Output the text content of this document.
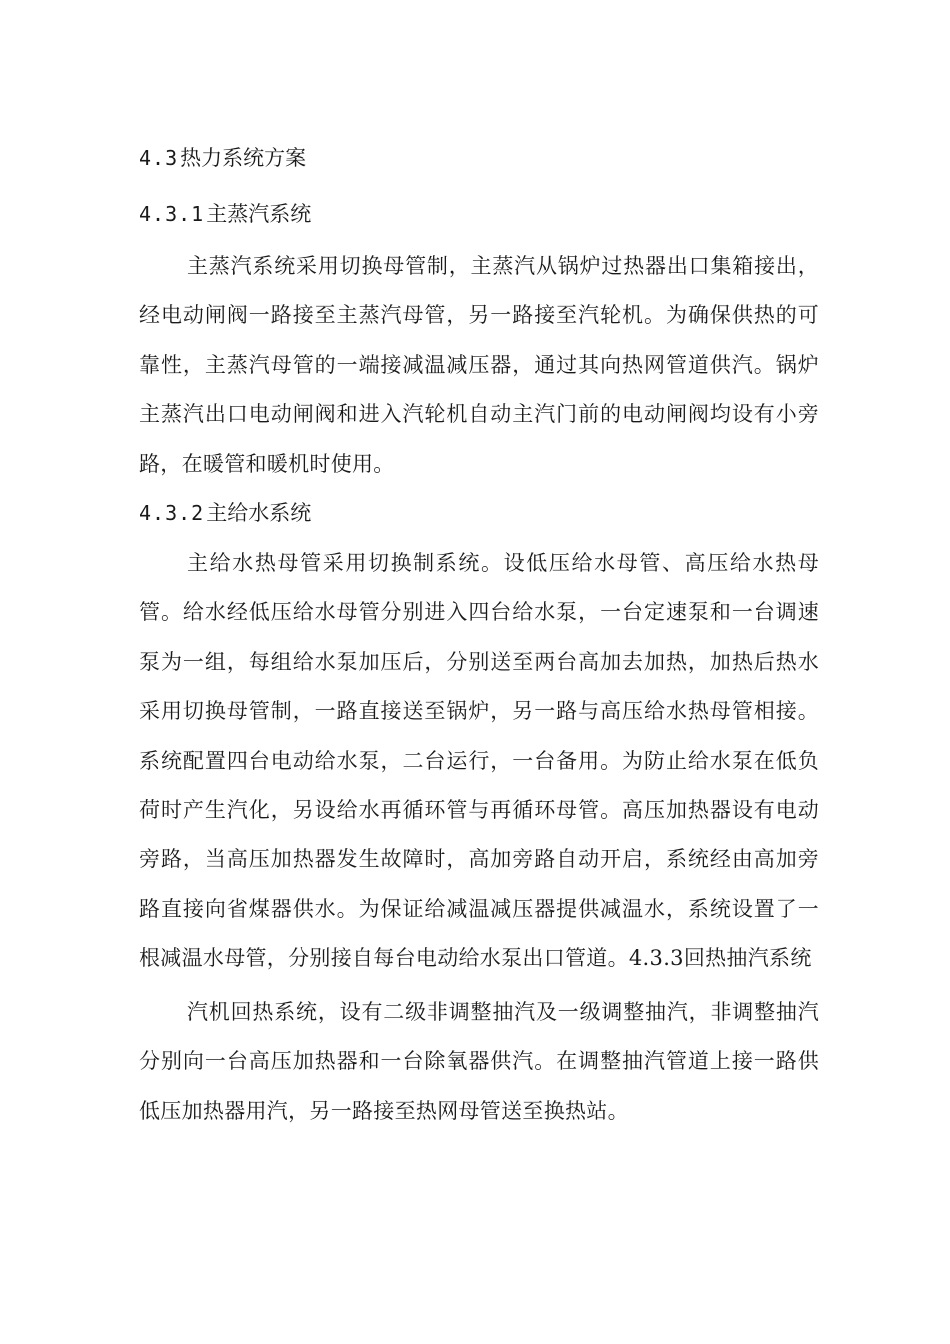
4.3热力系统方案
4.3.1主蒸汽系统

主蒸汽系统采用切换母管制，主蒸汽从锅炉过热器出口集箱接出，经电动闸阀一路接至主蒸汽母管，另一路接至汽轮机。为确保供热的可靠性，主蒸汽母管的一端接减温减压器，通过其向热网管道供汽。锅炉主蒸汽出口电动闸阀和进入汽轮机自动主汽门前的电动闸阀均设有小旁路，在暖管和暖机时使用。

4.3.2主给水系统

主给水热母管采用切换制系统。设低压给水母管、高压给水热母管。给水经低压给水母管分别进入四台给水泵，一台定速泵和一台调速泵为一组，每组给水泵加压后，分别送至两台高加去加热，加热后热水采用切换母管制，一路直接送至锅炉，另一路与高压给水热母管相接。系统配置四台电动给水泵，二台运行，一台备用。为防止给水泵在低负荷时产生汽化，另设给水再循环管与再循环母管。高压加热器设有电动旁路，当高压加热器发生故障时，高加旁路自动开启，系统经由高加旁路直接向省煤器供水。为保证给减温减压器提供减温水，系统设置了一根减温水母管，分别接自每台电动给水泵出口管道。4.3.3回热抽汽系统

汽机回热系统，设有二级非调整抽汽及一级调整抽汽，非调整抽汽分别向一台高压加热器和一台除氧器供汽。在调整抽汽管道上接一路供低压加热器用汽，另一路接至热网母管送至换热站。
